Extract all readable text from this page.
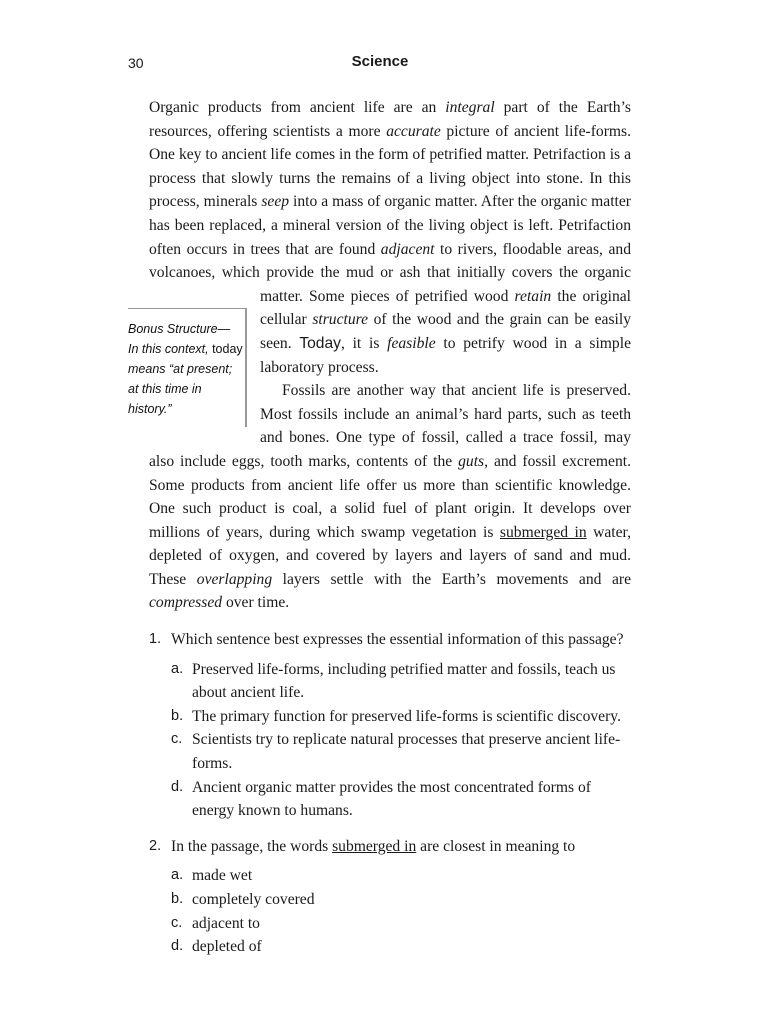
30	Science
Bonus Structure—
In this context, today means “at present; at this time in history.”

Organic products from ancient life are an integral part of the Earth’s resources, offering scientists a more accurate picture of ancient life-forms. One key to ancient life comes in the form of petrified matter. Petrifaction is a process that slowly turns the remains of a living object into stone. In this process, minerals seep into a mass of organic matter. After the organic matter has been replaced, a mineral version of the living object is left. Petrifaction often occurs in trees that are found adjacent to rivers, floodable areas, and volcanoes, which provide the mud or ash that initially covers the organic matter. Some pieces of petrified wood retain
the original cellular structure of the wood and the grain can be easily seen. Today, it is feasible to petrify wood in a simple laboratory process.

Fossils are another way that ancient life is preserved. Most fossils include an animal’s hard parts, such as teeth and bones. One type of fossil, called a trace fossil, may also include eggs, tooth marks, contents of the guts, and fossil excrement. Some products from ancient life offer us more than scientific knowledge. One such product is coal, a solid fuel of plant origin. It develops over millions of years, during which swamp vegetation is submerged in water, depleted of oxygen, and covered by layers and layers of sand and mud. These overlapping layers settle with the Earth’s movements and are compressed over time.

1. Which sentence best expresses the essential information of this passage?
a. Preserved life-forms, including petrified matter and fossils, teach us about ancient life.
b. The primary function for preserved life-forms is scientific discovery.
c. Scientists try to replicate natural processes that preserve ancient life-forms.
d. Ancient organic matter provides the most concentrated forms of energy known to humans.
2. In the passage, the words submerged in are closest in meaning to
a. made wet
b. completely covered
c. adjacent to
d. depleted of
